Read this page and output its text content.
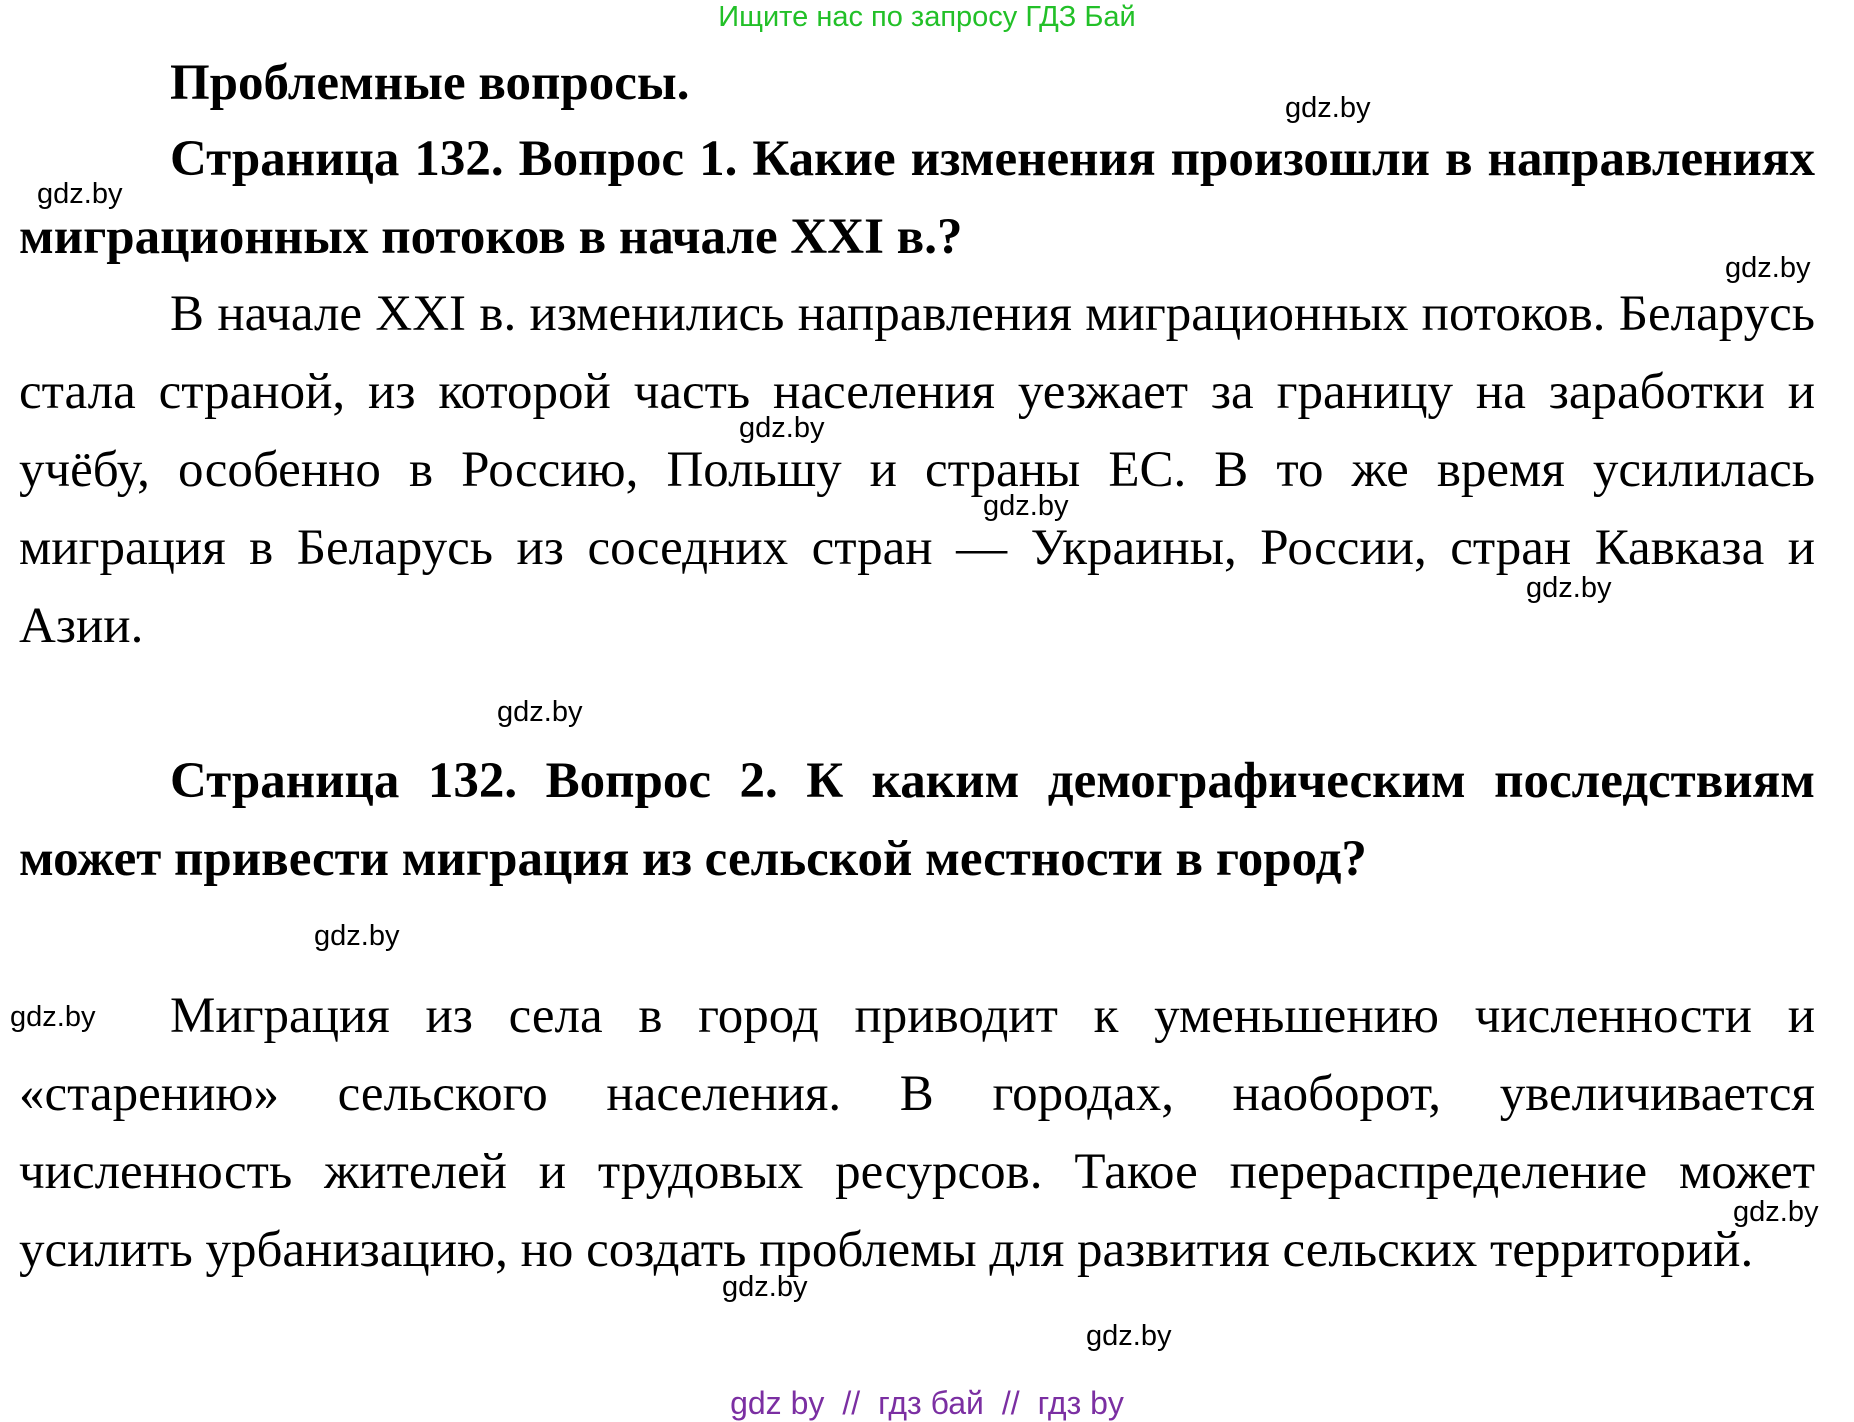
Ищите нас по запросу ГДЗ Бай

Проблемные вопросы.

Страница 132. Вопрос 1. Какие изменения произошли в направлениях миграционных потоков в начале XXI в.?

В начале XXI в. изменились направления миграционных потоков. Беларусь стала страной, из которой часть населения уезжает за границу на заработки и учёбу, особенно в Россию, Польшу и страны ЕС. В то же время усилилась миграция в Беларусь из соседних стран — Украины, России, стран Кавказа и Азии.

Страница 132. Вопрос 2. К каким демографическим последствиям может привести миграция из сельской местности в город?

Миграция из села в город приводит к уменьшению численности и «старению» сельского населения. В городах, наоборот, увеличивается численность жителей и трудовых ресурсов. Такое перераспределение может усилить урбанизацию, но создать проблемы для развития сельских территорий.

gdz.by
gdz.by
gdz.by
gdz.by
gdz.by
gdz.by
gdz.by
gdz.by
gdz.by
gdz.by
gdz.by
gdz.by
gdz by // гдз бай // гдз by
